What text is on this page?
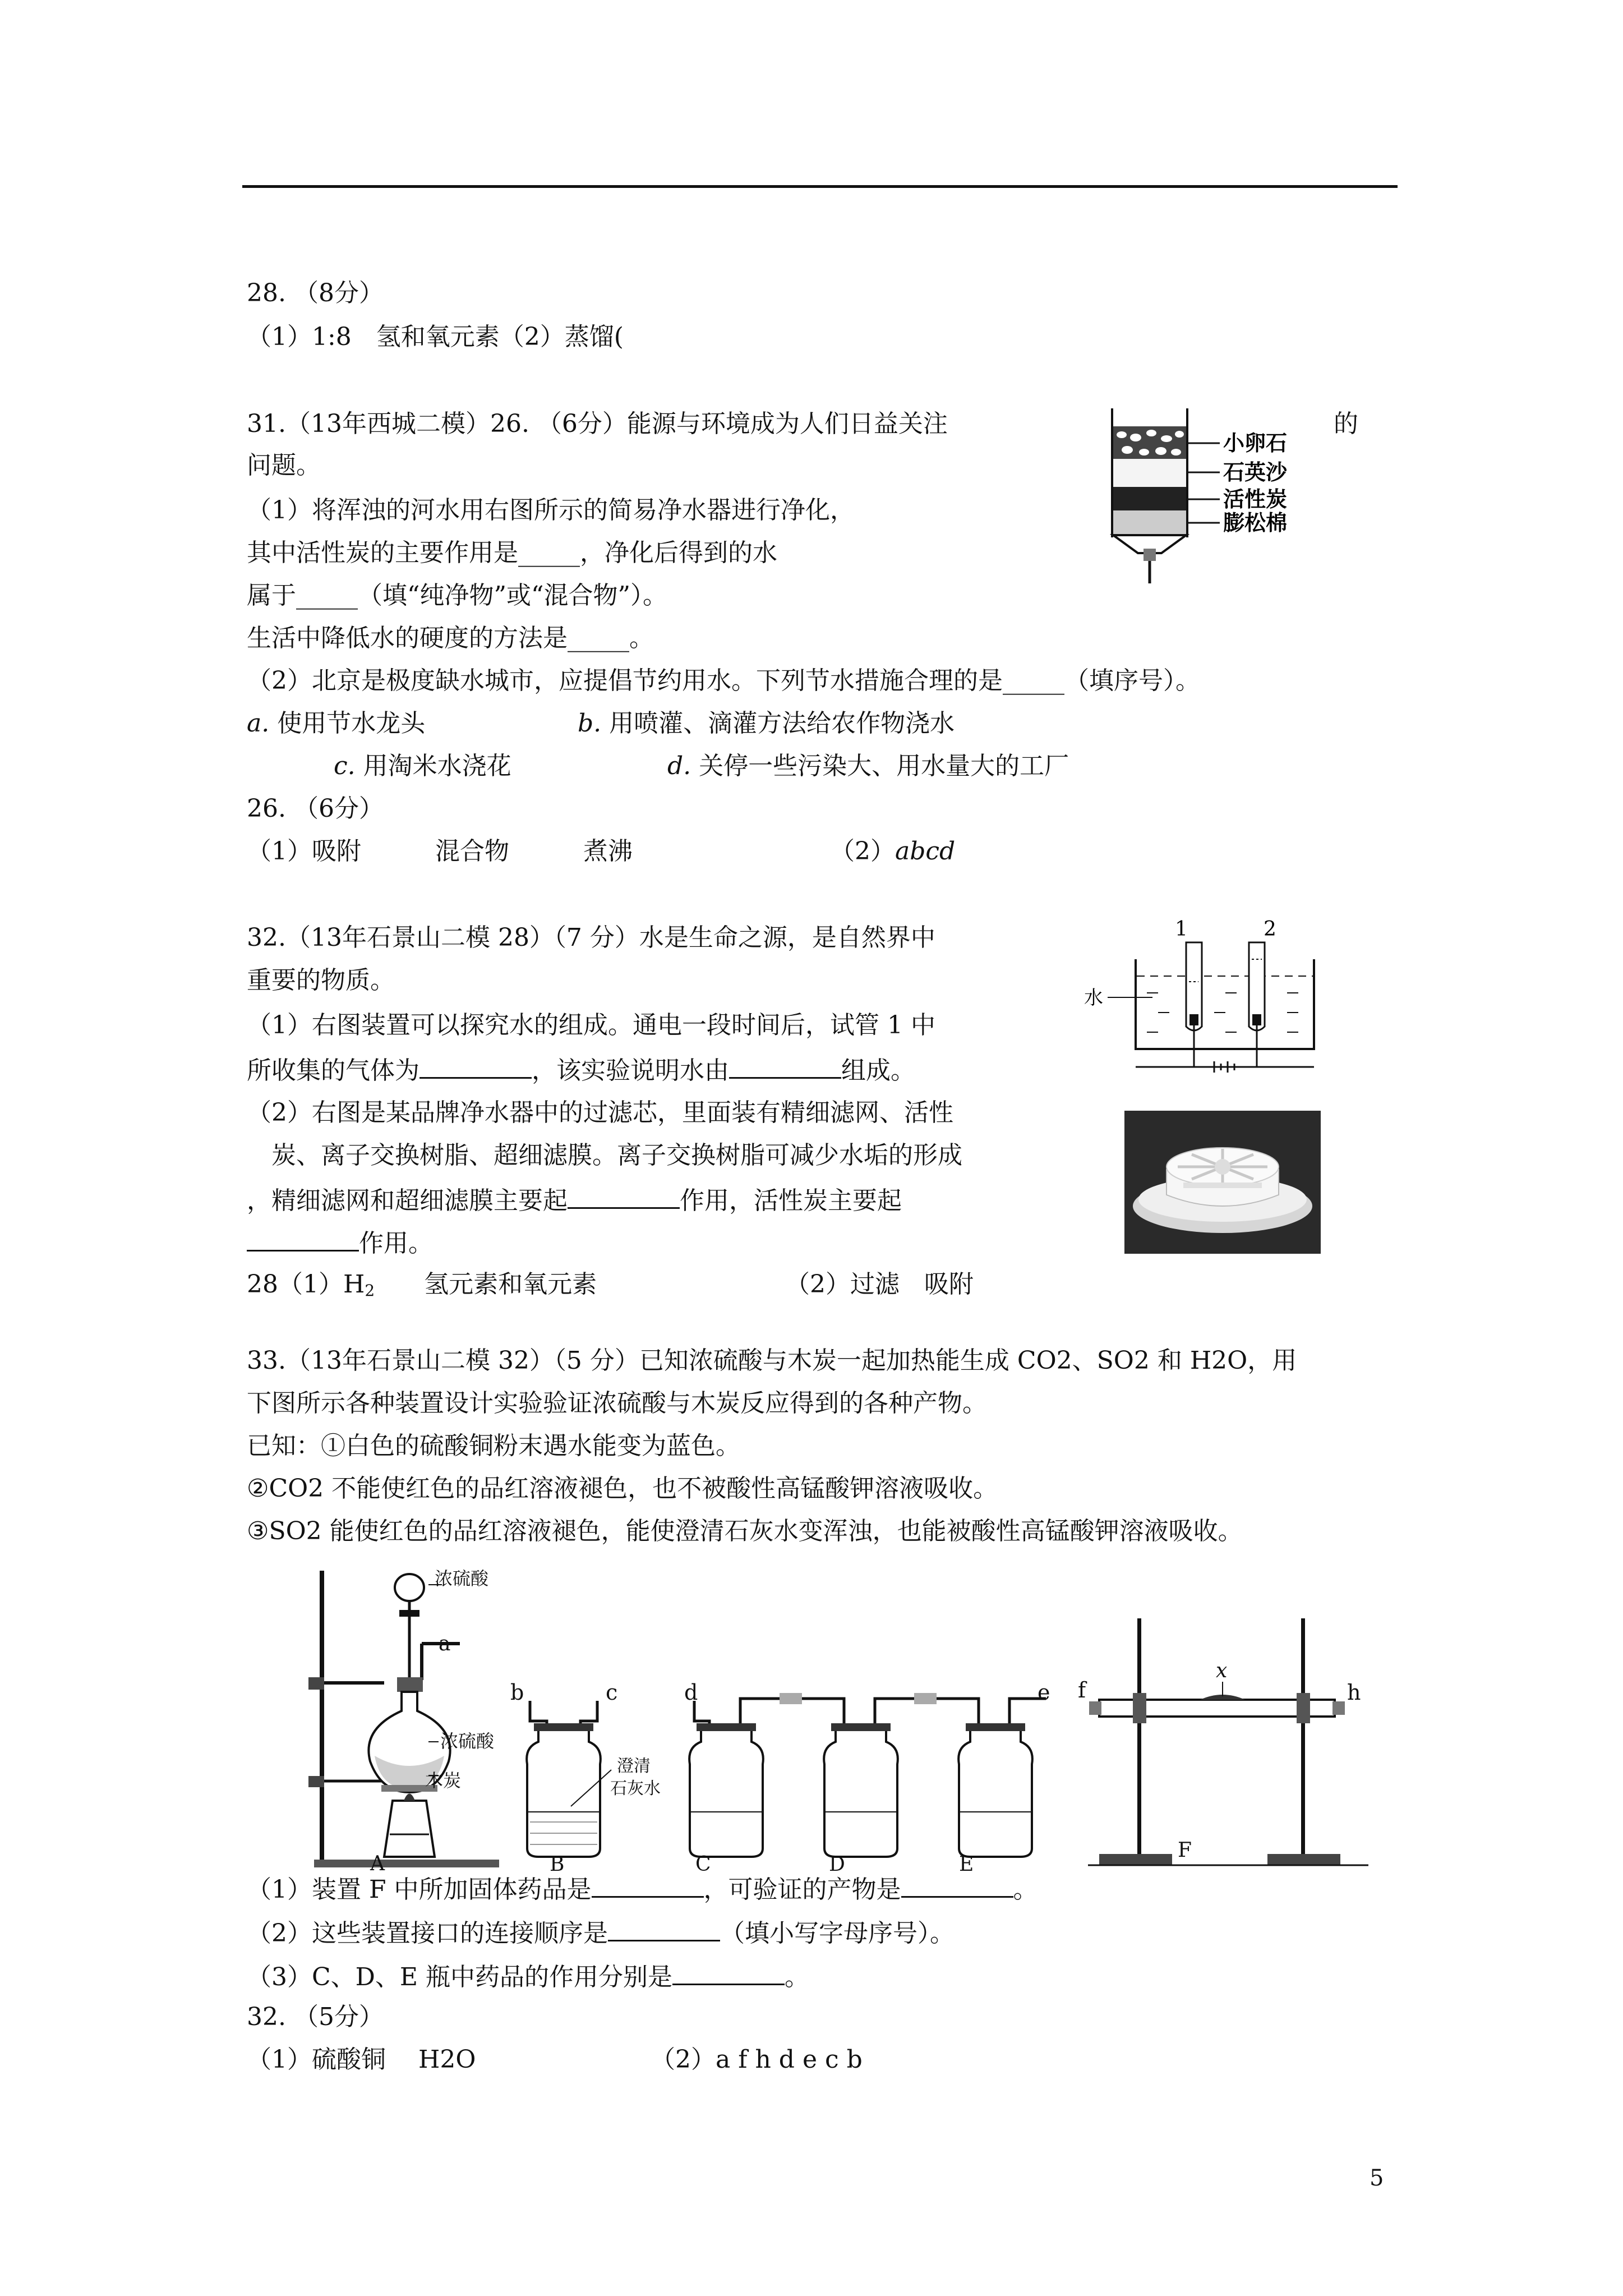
28. （8分）
（1）1:8　氢和氧元素（2）蒸馏(
31.（13年西城二模）26. （6分）能源与环境成为人们日益关注	的
问题。
（1）将浑浊的河水用右图所示的简易净水器进行净化，
其中活性炭的主要作用是_____，净化后得到的水
属于_____（填“纯净物”或“混合物”）。
生活中降低水的硬度的方法是_____。
（2）北京是极度缺水城市，应提倡节约用水。下列节水措施合理的是_____（填序号）。
a. 使用节水龙头	b. 用喷灌、滴灌方法给农作物浇水
c. 用淘米水浇花	d. 关停一些污染大、用水量大的工厂
26. （6分）
（1）吸附　　　混合物　　　煮沸	（2）abcd
小卵石
石英沙
活性炭
膨松棉
32.（13年石景山二模 28）（7 分）水是生命之源，是自然界中
重要的物质。
（1）右图装置可以探究水的组成。通电一段时间后，试管 1 中
所收集的气体为	，该实验说明水由	组成。
（2）右图是某品牌净水器中的过滤芯，里面装有精细滤网、活性
　炭、离子交换树脂、超细滤膜。离子交换树脂可减少水垢的形成
，精细滤网和超细滤膜主要起	作用，活性炭主要起
作用。
$28(1)H_2$　　氢元素和氧元素	（2）过滤　吸附
1	2
水
33.（13年石景山二模 32）（5 分）已知浓硫酸与木炭一起加热能生成 CO2、SO2 和 H2O，用
下图所示各种装置设计实验验证浓硫酸与木炭反应得到的各种产物。
已知：①白色的硫酸铜粉末遇水能变为蓝色。
②CO2 不能使红色的品红溶液褪色，也不被酸性高锰酸钾溶液吸收。
③SO2 能使红色的品红溶液褪色，能使澄清石灰水变浑浊，也能被酸性高锰酸钾溶液吸收。
浓硫酸
a
浓硫酸
木炭
A
b	c
澄清
石灰水
B
d	e
C	D	E
f
x
h
F
（1）装置 F 中所加固体药品是	，可验证的产物是	。
（2）这些装置接口的连接顺序是	（填小写字母序号）。
（3）C、D、E 瓶中药品的作用分别是	。
32. （5分）
（1）硫酸铜　 H2O	（2）a f h d e c b
5
